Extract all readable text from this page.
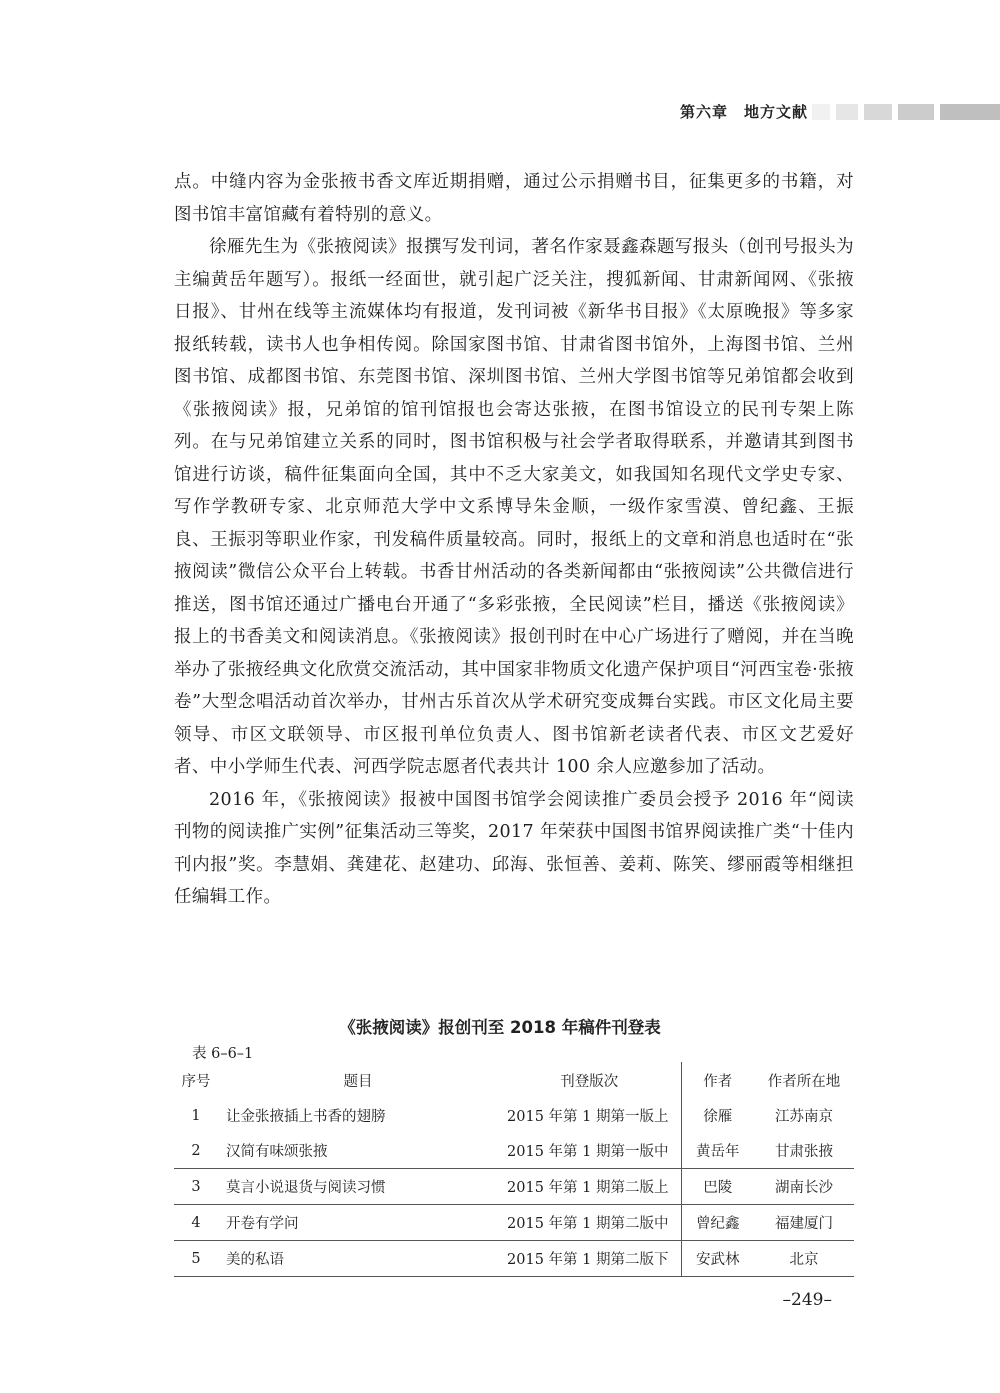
第六章　地方文献

点。中缝内容为金张掖书香文库近期捐赠，通过公示捐赠书目，征集更多的书籍，对图书馆丰富馆藏有着特别的意义。

徐雁先生为《张掖阅读》报撰写发刊词，著名作家聂鑫森题写报头（创刊号报头为主编黄岳年题写）。报纸一经面世，就引起广泛关注，搜狐新闻、甘肃新闻网、《张掖日报》、甘州在线等主流媒体均有报道，发刊词被《新华书目报》《太原晚报》等多家报纸转载，读书人也争相传阅。除国家图书馆、甘肃省图书馆外，上海图书馆、兰州图书馆、成都图书馆、东莞图书馆、深圳图书馆、兰州大学图书馆等兄弟馆都会收到《张掖阅读》报，兄弟馆的馆刊馆报也会寄达张掖，在图书馆设立的民刊专架上陈列。在与兄弟馆建立关系的同时，图书馆积极与社会学者取得联系，并邀请其到图书馆进行访谈，稿件征集面向全国，其中不乏大家美文，如我国知名现代文学史专家、写作学教研专家、北京师范大学中文系博导朱金顺，一级作家雪漠、曾纪鑫、王振良、王振羽等职业作家，刊发稿件质量较高。同时，报纸上的文章和消息也适时在“张掖阅读”微信公众平台上转载。书香甘州活动的各类新闻都由“张掖阅读”公共微信进行推送，图书馆还通过广播电台开通了“多彩张掖，全民阅读”栏目，播送《张掖阅读》报上的书香美文和阅读消息。《张掖阅读》报创刊时在中心广场进行了赠阅，并在当晚举办了张掖经典文化欣赏交流活动，其中国家非物质文化遗产保护项目“河西宝卷·张掖卷”大型念唱活动首次举办，甘州古乐首次从学术研究变成舞台实践。市区文化局主要领导、市区文联领导、市区报刊单位负责人、图书馆新老读者代表、市区文艺爱好者、中小学师生代表、河西学院志愿者代表共计 100 余人应邀参加了活动。

2016 年，《张掖阅读》报被中国图书馆学会阅读推广委员会授予 2016 年“阅读刊物的阅读推广实例”征集活动三等奖，2017 年荣获中国图书馆界阅读推广类“十佳内刊内报”奖。李慧娟、龚建花、赵建功、邱海、张恒善、姜莉、陈笑、缪丽霞等相继担任编辑工作。

《张掖阅读》报创刊至 2018 年稿件刊登表
表 6–6–1
序号	题目	刊登版次	作者	作者所在地
1	让金张掖插上书香的翅膀	2015 年第 1 期第一版上	徐雁	江苏南京
2	汉简有味颂张掖	2015 年第 1 期第一版中	黄岳年	甘肃张掖
3	莫言小说退货与阅读习惯	2015 年第 1 期第二版上	巴陵	湖南长沙
4	开卷有学问	2015 年第 1 期第二版中	曾纪鑫	福建厦门
5	美的私语	2015 年第 1 期第二版下	安武林	北京
–249–
